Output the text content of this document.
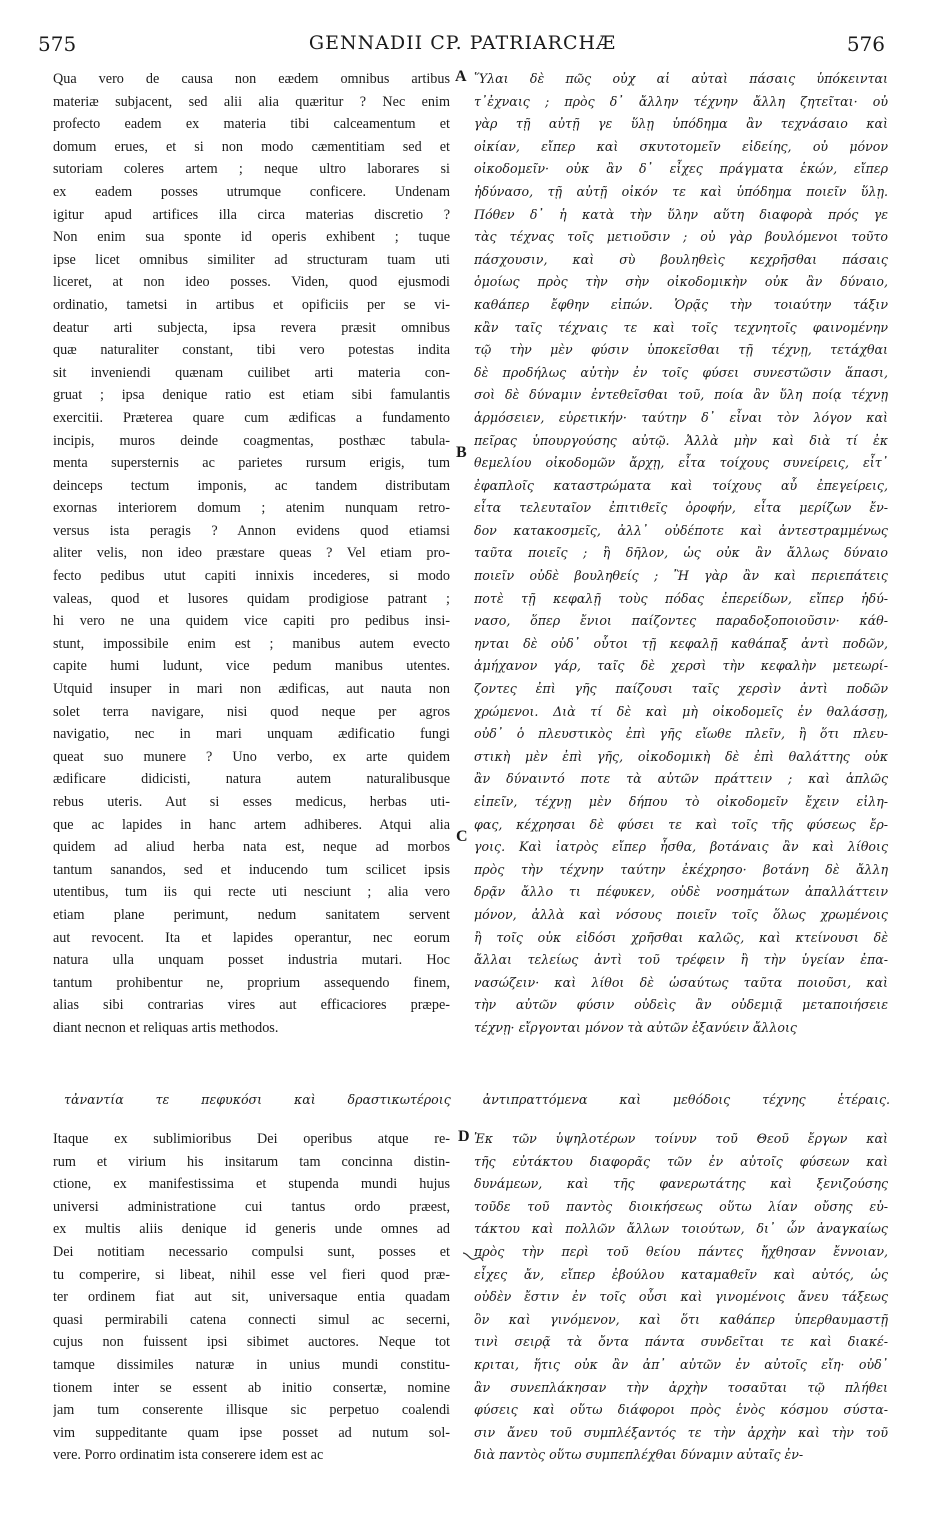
575	GENNADII CP. PATRIARCHÆ	576
Qua vero de causa non eædem omnibus artibus
materiæ subjacent, sed alii alia quæritur ? Nec enim
profecto eadem ex materia tibi calceamentum et
domum erues, et si non modo cæmentitiam sed et
sutoriam coleres artem ; neque ultro laborares si
ex eadem posses utrumque conficere. Undenam
igitur apud artifices illa circa materias discretio ?
Non enim sua sponte id operis exhibent ; tuque
ipse licet omnibus similiter ad structuram tuam uti
liceret, at non ideo posses. Viden, quod ejusmodi
ordinatio, tametsi in artibus et opificiis per se vi-
deatur arti subjecta, ipsa revera præsit omnibus
quæ naturaliter constant, tibi vero potestas indita
sit inveniendi quænam cuilibet arti materia con-
gruat ; ipsa denique ratio est etiam sibi famulantis
exercitii. Præterea quare cum ædificas a fundamento
incipis, muros deinde coagmentas, posthæc tabula-
menta supersternis ac parietes rursum erigis, tum
deinceps tectum imponis, ac tandem distributam
exornas interiorem domum ; atenim nunquam retro-
versus ista peragis ? Annon evidens quod etiamsi
aliter velis, non ideo præstare queas ? Vel etiam pro-
fecto pedibus utut capiti innixis incederes, si modo
valeas, quod et lusores quidam prodigiose patrant ;
hi vero ne una quidem vice capiti pro pedibus insi-
stunt, impossibile enim est ; manibus autem evecto
capite humi ludunt, vice pedum manibus utentes.
Utquid insuper in mari non ædificas, aut nauta non
solet terra navigare, nisi quod neque per agros
navigatio, nec in mari unquam ædificatio fungi
queat suo munere ? Uno verbo, ex arte quidem
ædificare didicisti, natura autem naturalibusque
rebus uteris. Aut si esses medicus, herbas uti-
que ac lapides in hanc artem adhiberes. Atqui alia
quidem ad aliud herba nata est, neque ad morbos
tantum sanandos, sed et inducendo tum scilicet ipsis
utentibus, tum iis qui recte uti nesciunt ; alia vero
etiam plane perimunt, nedum sanitatem servent
aut revocent. Ita et lapides operantur, nec eorum
natura ulla unquam posset industria mutari. Hoc
tantum prohibentur ne, proprium assequendo finem,
alias sibi contrarias vires aut efficaciores præpe-
diant necnon et reliquas artis methodos.
Ὕλαι δὲ πῶς οὐχ αἱ αὐταὶ πάσαις ὑπόκεινται
τ᾽ἐχναις ; πρὸς δ᾽ ἄλλην τέχνην ἄλλη ζητεῖται· οὐ
γὰρ τῇ αὐτῇ γε ὕλῃ ὑπόδημα ἂν τεχνάσαιο καὶ
οἰκίαν, εἴπερ καὶ σκυτοτομεῖν εἰδείης, οὐ μόνον
οἰκοδομεῖν· οὐκ ἂν δ᾽ εἶχες πράγματα ἑκών, εἴπερ
ἠδύνασο, τῇ αὐτῇ οἰκόν τε καὶ ὑπόδημα ποιεῖν ὕλῃ.
Πόθεν δ᾽ ἡ κατὰ τὴν ὕλην αὕτη διαφορὰ πρός γε
τὰς τέχνας τοῖς μετιοῦσιν ; οὐ γὰρ βουλόμενοι τοῦτο
πάσχουσιν, καὶ σὺ βουληθεὶς κεχρῆσθαι πάσαις
ὁμοίως πρὸς τὴν σὴν οἰκοδομικὴν οὐκ ἂν δύναιο,
καθάπερ ἔφθην εἰπών. Ὁρᾷς τὴν τοιαύτην τάξιν
κἂν ταῖς τέχναις τε καὶ τοῖς τεχνητοῖς φαινομένην
τῷ τὴν μὲν φύσιν ὑποκεῖσθαι τῇ τέχνῃ, τετάχθαι
δὲ προδήλως αὐτὴν ἐν τοῖς φύσει συνεστῶσιν ἅπασι,
σοὶ δὲ δύναμιν ἐντεθεῖσθαι τοῦ, ποία ἂν ὕλη ποίᾳ τέχνῃ
ἁρμόσειεν, εὑρετικήν· ταύτην δ᾽ εἶναι τὸν λόγον καὶ
πεῖρας ὑπουργούσης αὐτῷ. Ἀλλὰ μὴν καὶ διὰ τί ἐκ
θεμελίου οἰκοδομῶν ἄρχῃ, εἶτα τοίχους συνείρεις, εἶτ᾽
ἐφαπλοῖς καταστρώματα καὶ τοίχους αὖ ἐπεγείρεις,
εἶτα τελευταῖον ἐπιτιθεῖς ὀροφήν, εἶτα μερίζων ἔν-
δον κατακοσμεῖς, ἀλλ᾽ οὐδέποτε καὶ ἀντεστραμμένως
ταῦτα ποιεῖς ; ἢ δῆλον, ὡς οὐκ ἂν ἄλλως δύναιο
ποιεῖν οὐδὲ βουληθείς ; Ἢ γὰρ ἂν καὶ περιεπάτεις
ποτὲ τῇ κεφαλῇ τοὺς πόδας ἐπερείδων, εἴπερ ἠδύ-
νασο, ὅπερ ἔνιοι παίζοντες παραδοξοποιοῦσιν· κάθ-
ηνται δὲ οὐδ᾽ οὗτοι τῇ κεφαλῇ καθάπαξ ἀντὶ ποδῶν,
ἀμήχανον γάρ, ταῖς δὲ χερσὶ τὴν κεφαλὴν μετεωρί-
ζοντες ἐπὶ γῆς παίζουσι ταῖς χερσὶν ἀντὶ ποδῶν
χρώμενοι. Διὰ τί δὲ καὶ μὴ οἰκοδομεῖς ἐν θαλάσσῃ,
οὐδ᾽ ὁ πλευστικὸς ἐπὶ γῆς εἴωθε πλεῖν, ἢ ὅτι πλευ-
στικὴ μὲν ἐπὶ γῆς, οἰκοδομικὴ δὲ ἐπὶ θαλάττης οὐκ
ἂν δύναιντό ποτε τὰ αὐτῶν πράττειν ; καὶ ἁπλῶς
εἰπεῖν, τέχνῃ μὲν δήπου τὸ οἰκοδομεῖν ἔχειν εἰλη-
φας, κέχρησαι δὲ φύσει τε καὶ τοῖς τῆς φύσεως ἔρ-
γοις. Καὶ ἰατρὸς εἴπερ ἦσθα, βοτάναις ἂν καὶ λίθοις
πρὸς τὴν τέχνην ταύτην ἐκέχρησο· βοτάνη δὲ ἄλλη
δρᾷν ἄλλο τι πέφυκεν, οὐδὲ νοσημάτων ἀπαλλάττειν
μόνον, ἀλλὰ καὶ νόσους ποιεῖν τοῖς ὅλως χρωμένοις
ἢ τοῖς οὐκ εἰδόσι χρῆσθαι καλῶς, καὶ κτείνουσι δὲ
ἄλλαι τελείως ἀντὶ τοῦ τρέφειν ἢ τὴν ὑγείαν ἐπα-
νασώζειν· καὶ λίθοι δὲ ὡσαύτως ταῦτα ποιοῦσι, καὶ
τὴν αὐτῶν φύσιν οὐδεὶς ἂν οὐδεμιᾷ μεταποιήσειε
τέχνῃ· εἴργονται μόνον τὰ αὐτῶν ἐξανύειν ἄλλοις
A
B
C
D
τἀναντία τε πεφυκόσι καὶ δραστικωτέροις ἀντιπραττόμενα καὶ μεθόδοις τέχνης ἑτέραις.
Itaque ex sublimioribus Dei operibus atque re-
rum et virium his insitarum tam concinna distin-
ctione, ex manifestissima et stupenda mundi hujus
universi administratione cui tantus ordo præest,
ex multis aliis denique id generis unde omnes ad
Dei notitiam necessario compulsi sunt, posses et
tu comperire, si libeat, nihil esse vel fieri quod præ-
ter ordinem fiat aut sit, universaque entia quadam
quasi permirabili catena connecti simul ac secerni,
cujus non fuissent ipsi sibimet auctores. Neque tot
tamque dissimiles naturæ in unius mundi constitu-
tionem inter se essent ab initio consertæ, nomine
jam tum conserente illisque sic perpetuo coalendi
vim suppeditante quam ipse posset ad nutum sol-
vere. Porro ordinatim ista conserere idem est ac
Ἐκ τῶν ὑψηλοτέρων τοίνυν τοῦ Θεοῦ ἔργων καὶ
τῆς εὐτάκτου διαφορᾶς τῶν ἐν αὐτοῖς φύσεων καὶ
δυνάμεων, καὶ τῆς φανερωτάτης καὶ ξενιζούσης
τοῦδε τοῦ παντὸς διοικήσεως οὕτω λίαν οὔσης εὐ-
τάκτου καὶ πολλῶν ἄλλων τοιούτων, δι᾽ ὧν ἀναγκαίως
πρὸς τὴν περὶ τοῦ θείου πάντες ἤχθησαν ἔννοιαν,
εἶχες ἄν, εἴπερ ἐβούλου καταμαθεῖν καὶ αὐτός, ὡς
οὐδὲν ἔστιν ἐν τοῖς οὖσι καὶ γινομένοις ἄνευ τάξεως
ὂν καὶ γινόμενον, καὶ ὅτι καθάπερ ὑπερθαυμαστῇ
τινὶ σειρᾷ τὰ ὄντα πάντα συνδεῖται τε καὶ διακέ-
κριται, ἥτις οὐκ ἂν ἀπ᾽ αὐτῶν ἐν αὐτοῖς εἴη· οὐδ᾽
ἂν συνεπλάκησαν τὴν ἀρχὴν τοσαῦται τῷ πλήθει
φύσεις καὶ οὕτω διάφοροι πρὸς ἑνὸς κόσμου σύστα-
σιν ἄνευ τοῦ συμπλέξαντός τε τὴν ἀρχὴν καὶ τὴν τοῦ
διὰ παντὸς οὕτω συμπεπλέχθαι δύναμιν αὐταῖς ἐν-
